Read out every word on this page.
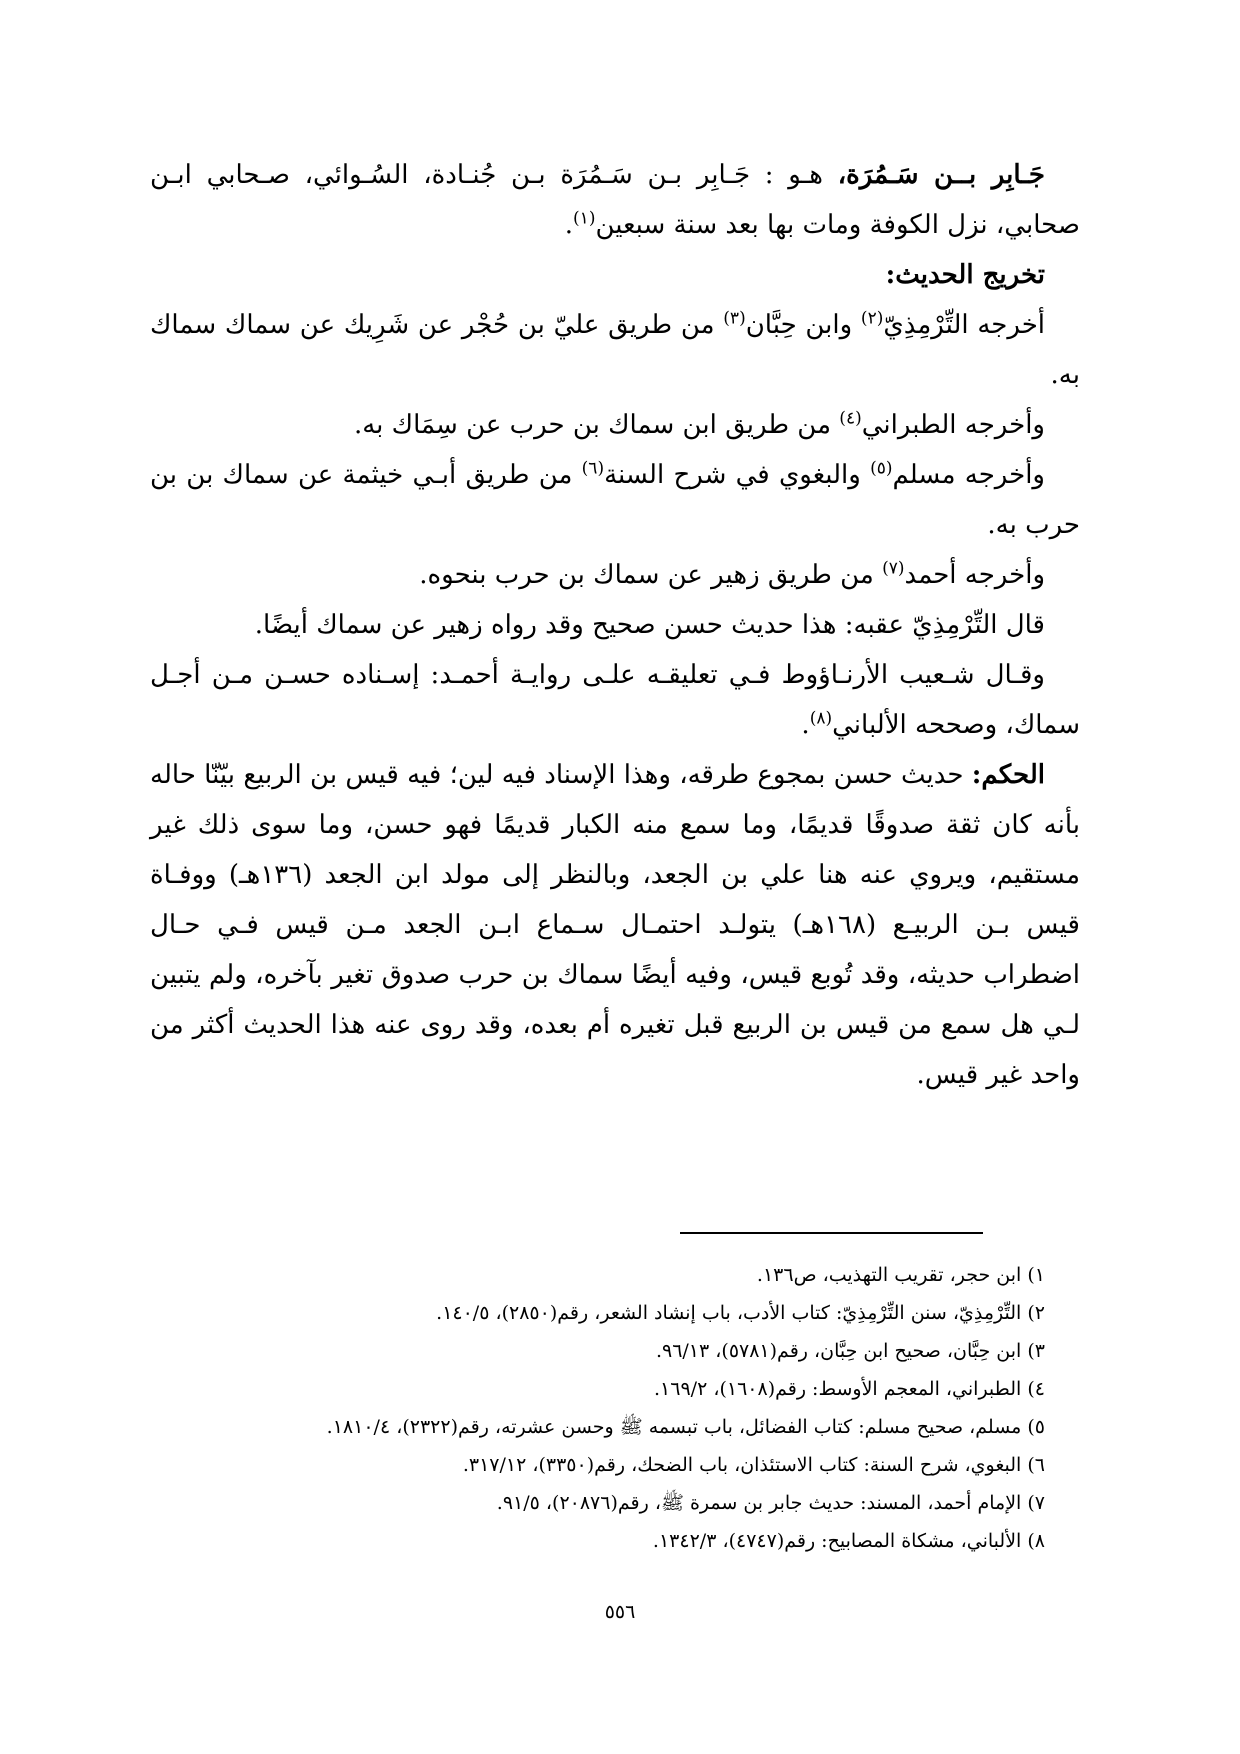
جَـابِر بــن سَـمُرَة، هـو : جَـابِر بـن سَـمُرَة بـن جُنـادة، السُـوائي، صـحابي ابـن صحابي، نزل الكوفة ومات بها بعد سنة سبعين$^{(١)}$.

تخريج الحديث:

أخرجه التِّرْمِذِيّ$^{(٢)}$ وابن حِبَّان$^{(٣)}$ من طريق عليّ بن حُجْر عن شَرِيك عن سماك سماك به.

وأخرجه الطبراني$^{(٤)}$ من طريق ابن سماك بن حرب عن سِمَاك به.

وأخرجه مسلم$^{(٥)}$ والبغوي في شرح السنة$^{(٦)}$ من طريق أبـي خيثمة عن سماك بن بن حرب به.

وأخرجه أحمد$^{(٧)}$ من طريق زهير عن سماك بن حرب بنحوه.

قال التِّرْمِذِيّ عقبه: هذا حديث حسن صحيح وقد رواه زهير عن سماك أيضًا.

وقـال شـعيب الأرنـاؤوط فـي تعليقـه علـى روايـة أحمـد: إسـناده حسـن مـن أجـل سماك، وصححه الألباني$^{(٨)}$.

الحكم: حديث حسن بمجوع طرقه، وهذا الإسناد فيه لين؛ فيه قيس بن الربيع بيّنّا حاله بأنه كان ثقة صدوقًا قديمًا، وما سمع منه الكبار قديمًا فهو حسن، وما سوى ذلك غير مستقيم، ويروي عنه هنا علي بن الجعد، وبالنظر إلى مولد ابن الجعد (١٣٦هـ) ووفـاة قيس بـن الربيـع (١٦٨هـ) يتولـد احتمـال سـماع ابـن الجعد مـن قيس فـي حـال اضطراب حديثه، وقد تُوبع قيس، وفيه أيضًا سماك بن حرب صدوق تغير بآخره، ولم يتبين لـي هل سمع من قيس بن الربيع قبل تغيره أم بعده، وقد روى عنه هذا الحديث أكثر من واحد غير قيس.

١) ابن حجر، تقريب التهذيب، ص١٣٦.
٢) التِّرْمِذِيّ، سنن التِّرْمِذِيّ: كتاب الأدب، باب إنشاد الشعر، رقم(٢٨٥٠)، ١٤٠/٥.
٣) ابن حِبَّان، صحيح ابن حِبَّان، رقم(٥٧٨١)، ٩٦/١٣.
٤) الطبراني، المعجم الأوسط: رقم(١٦٠٨)، ١٦٩/٢.
٥) مسلم، صحيح مسلم: كتاب الفضائل، باب تبسمه ﷺ وحسن عشرته، رقم(٢٣٢٢)، ١٨١٠/٤.
٦) البغوي، شرح السنة: كتاب الاستئذان، باب الضحك، رقم(٣٣٥٠)، ٣١٧/١٢.
٧) الإمام أحمد، المسند: حديث جابر بن سمرة ﷺ، رقم(٢٠٨٧٦)، ٩١/٥.
٨) الألباني، مشكاة المصابيح: رقم(٤٧٤٧)، ١٣٤٢/٣.
٥٥٦
